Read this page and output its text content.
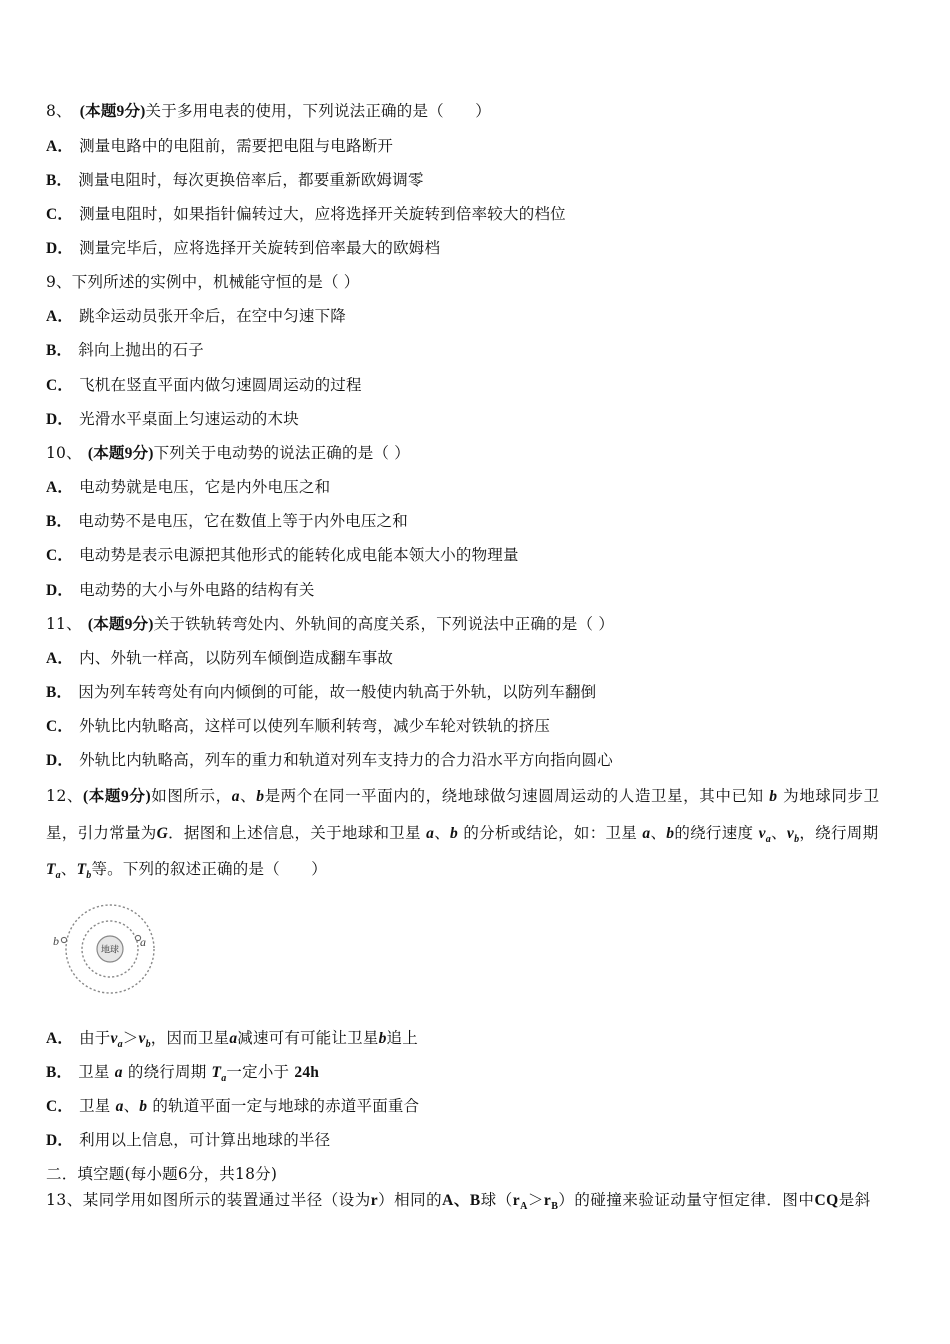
8、 (本题9分)关于多用电表的使用，下列说法正确的是（　　）
A． 测量电路中的电阻前，需要把电阻与电路断开
B． 测量电阻时，每次更换倍率后，都要重新欧姆调零
C． 测量电阻时，如果指针偏转过大，应将选择开关旋转到倍率较大的档位
D． 测量完毕后，应将选择开关旋转到倍率最大的欧姆档
9、下列所述的实例中，机械能守恒的是（ ）
A． 跳伞运动员张开伞后，在空中匀速下降
B． 斜向上抛出的石子
C． 飞机在竖直平面内做匀速圆周运动的过程
D． 光滑水平桌面上匀速运动的木块
10、 (本题9分)下列关于电动势的说法正确的是（ ）
A． 电动势就是电压，它是内外电压之和
B． 电动势不是电压，它在数值上等于内外电压之和
C． 电动势是表示电源把其他形式的能转化成电能本领大小的物理量
D． 电动势的大小与外电路的结构有关
11、 (本题9分)关于铁轨转弯处内、外轨间的高度关系，下列说法中正确的是（ ）
A． 内、外轨一样高，以防列车倾倒造成翻车事故
B． 因为列车转弯处有向内倾倒的可能，故一般使内轨高于外轨，以防列车翻倒
C． 外轨比内轨略高，这样可以使列车顺利转弯，减少车轮对铁轨的挤压
D． 外轨比内轨略高，列车的重力和轨道对列车支持力的合力沿水平方向指向圆心
12、(本题9分)如图所示，a、b是两个在同一平面内的，绕地球做匀速圆周运动的人造卫星，其中已知 b 为地球同步卫
星，引力常量为G．据图和上述信息，关于地球和卫星 a、b 的分析或结论，如：卫星 a、b的绕行速度 $v_a$、$v_b$，绕行周期
$T_a$、$T_b$等。下列的叙述正确的是（　　）
地球
a
b
A． 由于$v_a>v_b$，因而卫星a减速可有可能让卫星b追上
B． 卫星 a 的绕行周期 $T_a$一定小于 24h
C． 卫星 a、b 的轨道平面一定与地球的赤道平面重合
D． 利用以上信息，可计算出地球的半径
二．填空题(每小题6分，共18分)
13、某同学用如图所示的装置通过半径（设为r）相同的A、B球$(r_A>r_B)$的碰撞来验证动量守恒定律．图中CQ是斜
